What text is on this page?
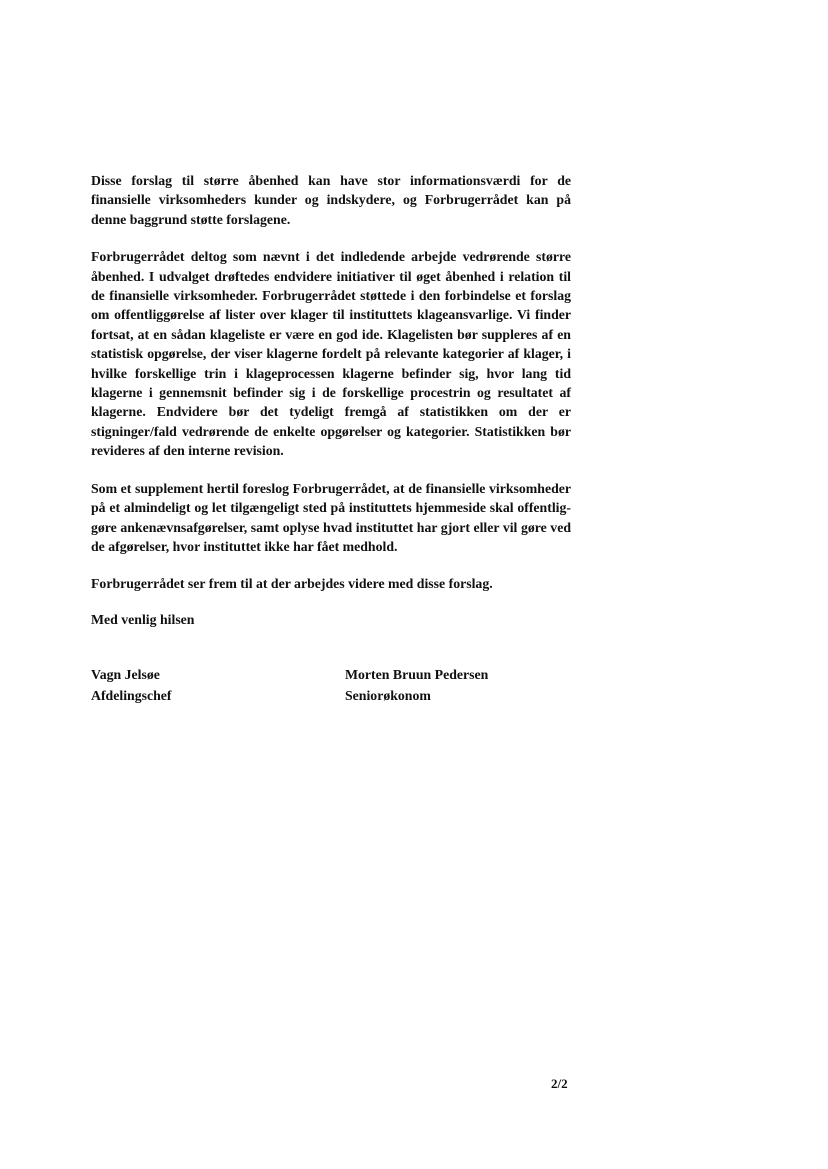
Disse forslag til større åbenhed kan have stor informationsværdi for de finansielle virksomheders kunder og indskydere, og Forbrugerrådet kan på denne baggrund støtte forslagene.

Forbrugerrådet deltog som nævnt i det indledende arbejde vedrørende større åbenhed. I udvalget drøftedes endvidere initiativer til øget åbenhed i relation til de finansielle virksomheder. Forbrugerrådet støttede i den forbindelse et forslag om offentliggørelse af lister over klager til instituttets klageansvarlige. Vi finder fortsat, at en sådan klageliste er være en god ide. Klagelisten bør suppleres af en statistisk opgørelse, der viser klagerne fordelt på relevante kategorier af klager, i hvilke forskellige trin i klageprocessen klagerne befinder sig, hvor lang tid klagerne i gennemsnit befinder sig i de forskellige procestrin og resultatet af klagerne. Endvidere bør det tydeligt fremgå af statistikken om der er stigninger/fald vedrørende de enkelte opgørelser og kategorier. Statistikken bør revideres af den interne revision.

Som et supplement hertil foreslog Forbrugerrådet, at de finansielle virksomheder på et almindeligt og let tilgængeligt sted på instituttets hjemmeside skal offentliggøre ankenævnsafgørelser, samt oplyse hvad instituttet har gjort eller vil gøre ved de afgørelser, hvor instituttet ikke har fået medhold.

Forbrugerrådet ser frem til at der arbejdes videre med disse forslag.

Med venlig hilsen
Vagn Jelsøe
Afdelingschef
Morten Bruun Pedersen
Seniorøkonom
2/2
